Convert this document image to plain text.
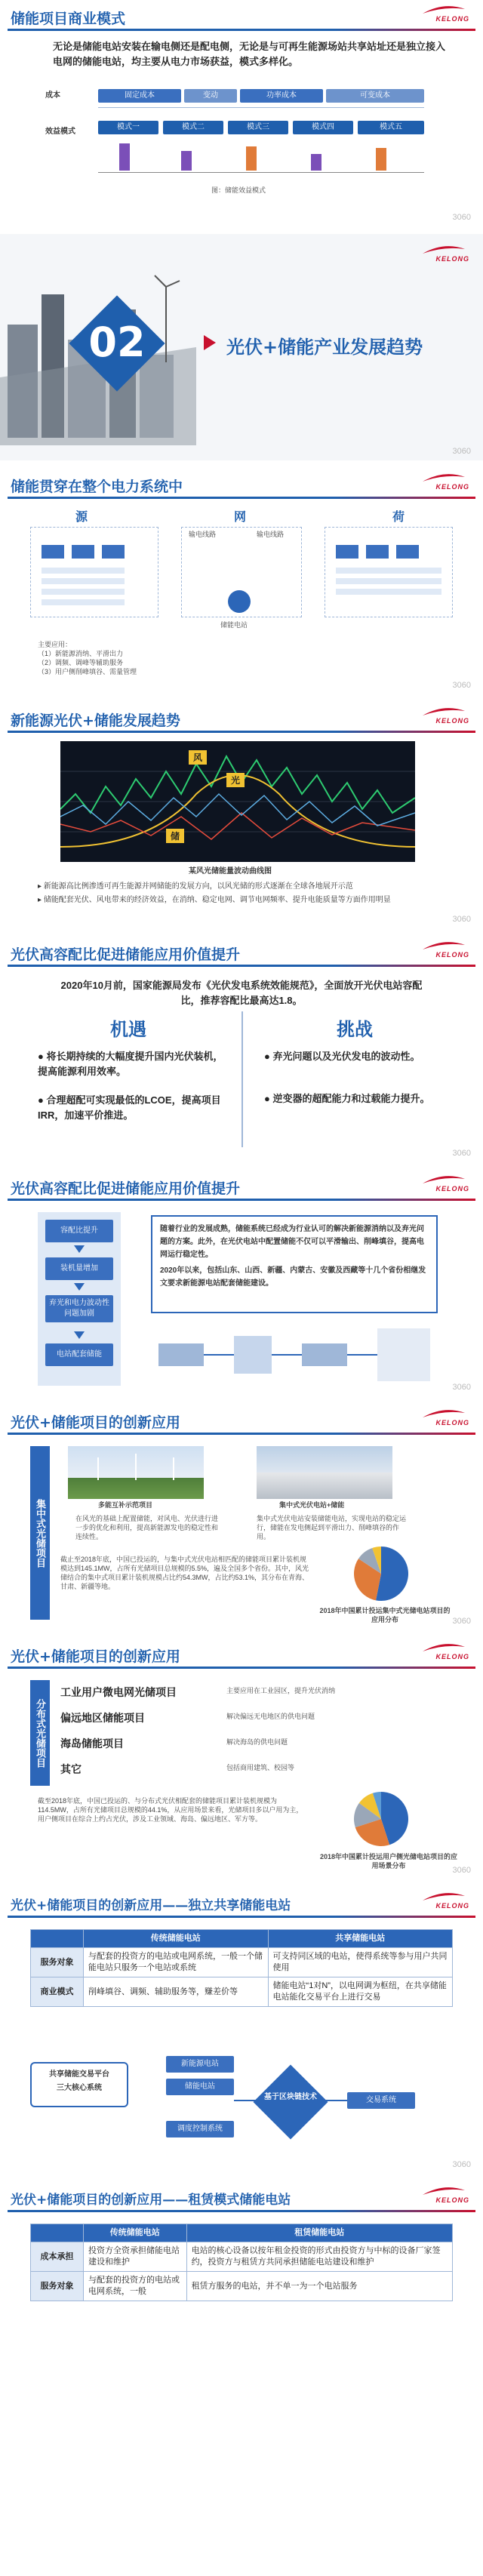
储能项目商业模式	KELONG
无论是储能电站安装在输电侧还是配电侧，无论是与可再生能源场站共享站址还是独立接入电网的储能电站，均主要从电力市场获益，模式多样化。
成本
效益模式
固定成本	变动	功率成本	可变成本
模式一	模式二	模式三	模式四	模式五
图：储能效益模式
3060
KELONG
02	光伏+储能产业发展趋势
3060
储能贯穿在整个电力系统中	KELONG
源	网	荷
输电线路	输电线路
储能电站
主要应用：
（1）新能源消纳、平滑出力
（2）调频、调峰等辅助服务
（3）用户侧削峰填谷、需量管理
3060
新能源光伏+储能发展趋势	KELONG
风
光
储
某风光储能量波动曲线图
▸ 新能源高比例渗透可再生能源并网储能的发展方向，以风光储的形式逐渐在全球各地展开示范
▸ 储能配套光伏、风电带来的经济效益，在消纳、稳定电网、调节电网频率、提升电能质量等方面作用明显
3060
光伏高容配比促进储能应用价值提升	KELONG
2020年10月前，国家能源局发布《光伏发电系统效能规范》，全面放开光伏电站容配比，推荐容配比最高达1.8。
机遇	挑战
● 将长期持续的大幅度提升国内光伏装机，提高能源利用效率。
● 合理超配可实现最低的LCOE，提高项目IRR，加速平价推进。
● 弃光问题以及光伏发电的波动性。
● 逆变器的超配能力和过载能力提升。
3060
光伏高容配比促进储能应用价值提升	KELONG
容配比提升
装机量增加
弃光和电力波动性问题加剧
电站配套储能
随着行业的发展成熟，储能系统已经成为行业认可的解决新能源消纳以及弃光问题的方案。此外，在光伏电站中配置储能不仅可以平滑输出、削峰填谷，提高电网运行稳定性。
2020年以来，包括山东、山西、新疆、内蒙古、安徽及西藏等十几个省份相继发文要求新能源电站配套储能建设。
3060
光伏+储能项目的创新应用	KELONG
集中式光储项目	多能互补示范项目	集中式光伏电站+储能
在风光的基础上配置储能，对风电、光伏进行进一步的优化和利用，提高新能源发电的稳定性和连续性。
集中式光伏电站安装储能电站，实现电站的稳定运行，储能在发电侧起到平滑出力、削峰填谷的作用。
截止至2018年底，中国已投运的，与集中式光伏电站相匹配的储能项目累计装机规模达到145.1MW，占所有光储项目总规模的5.5%，遍及全国多个省份。其中，风光储结合的集中式项目累计装机规模占比约54.3MW，占比约53.1%，其分布在青海、甘肃、新疆等地。
2018年中国累计投运集中式光储电站项目的应用分布	3060
光伏+储能项目的创新应用	KELONG
分布式光储项目
工业用户微电网光储项目	主要应用在工业园区，提升光伏消纳
偏远地区储能项目	解决偏远无电地区的供电问题
海岛储能项目	解决海岛的供电问题
其它	包括商用建筑、校园等
截至2018年底，中国已投运的、与分布式光伏相配套的储能项目累计装机规模为114.5MW，占所有光储项目总规模的44.1%，从应用场景来看，光储项目多以户用为主，用户侧项目在综合上约占光伏，涉及工业领域、海岛、偏远地区、军方等。
2018年中国累计投运用户侧光储电站项目的应用场景分布	3060
光伏+储能项目的创新应用——独立共享储能电站	KELONG
	传统储能电站	共享储能电站
服务对象	与配套的投资方的电站或电网系统，一般一个储能电站只服务一个电站或系统	可支持同区域的电站，使得系统等参与用户共同使用
商业模式	削峰填谷、调频、辅助服务等，赚差价等	储能电站“1对N”，以电网调为枢纽，在共享储能电站能化交易平台上进行交易
共享储能交易平台
三大核心系统
新能源电站
储能电站
调度控制系统
基于区块链技术	交易系统
3060
光伏+储能项目的创新应用——租赁模式储能电站	KELONG
	传统储能电站	租赁储能电站
成本承担	投资方全资承担储能电站建设和维护	电站的核心设备以按年租金投资的形式由投资方与中标的设备厂家签约，投资方与租赁方共同承担储能电站建设和维护
服务对象	与配套的投资方的电站或电网系统，一般	租赁方服务的电站，并不单一为一个电站服务
